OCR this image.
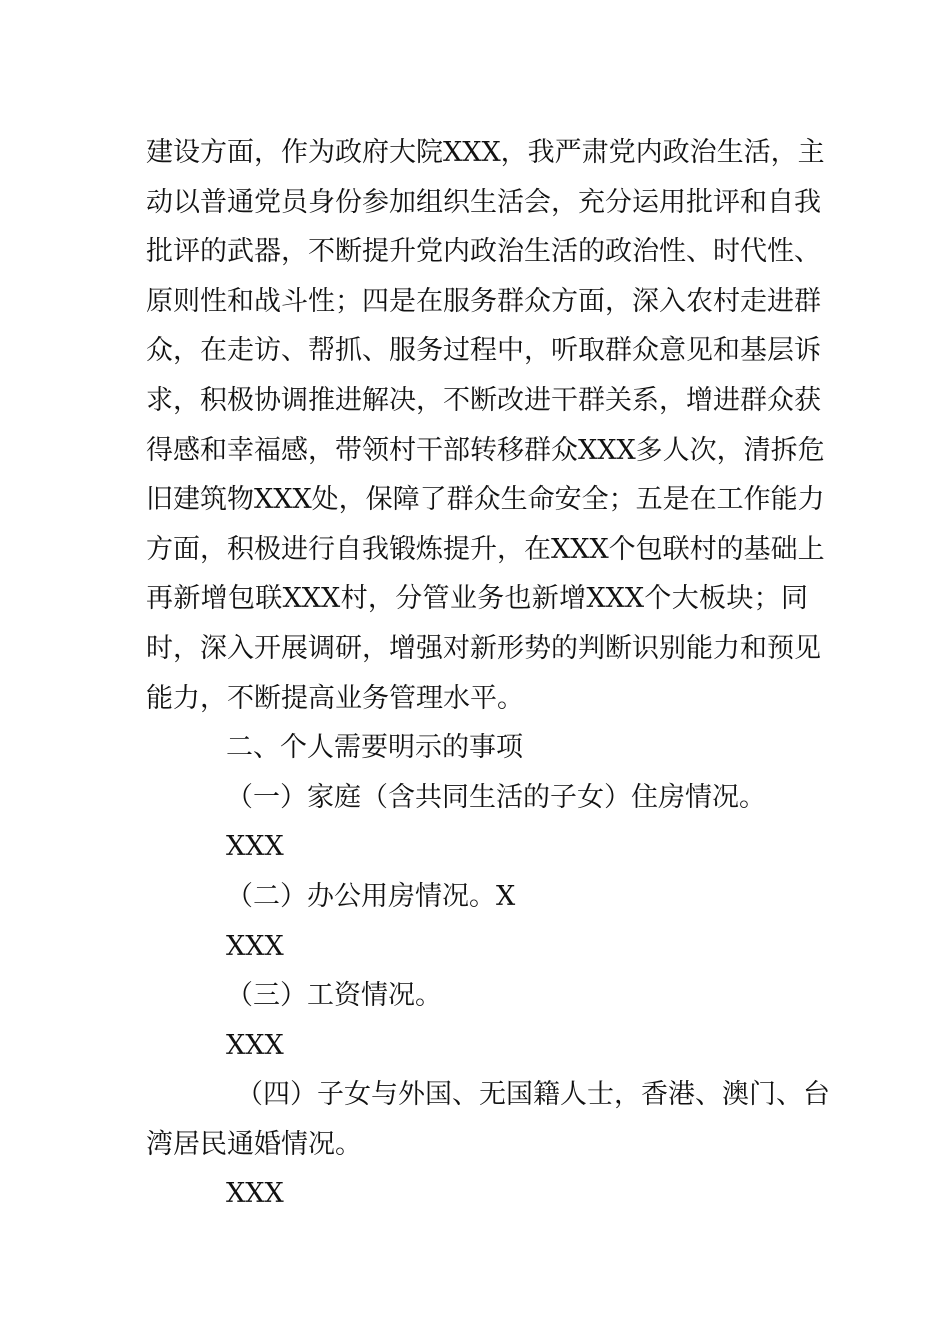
建设方面，作为政府大院XXX，我严肃党内政治生活，主
动以普通党员身份参加组织生活会，充分运用批评和自我
批评的武器，不断提升党内政治生活的政治性、时代性、
原则性和战斗性；四是在服务群众方面，深入农村走进群
众，在走访、帮抓、服务过程中，听取群众意见和基层诉
求，积极协调推进解决，不断改进干群关系，增进群众获
得感和幸福感，带领村干部转移群众XXX多人次，清拆危
旧建筑物XXX处，保障了群众生命安全；五是在工作能力
方面，积极进行自我锻炼提升，在XXX个包联村的基础上
再新增包联XXX村，分管业务也新增XXX个大板块；同
时，深入开展调研，增强对新形势的判断识别能力和预见
能力，不断提高业务管理水平。
二、个人需要明示的事项
（一）家庭（含共同生活的子女）住房情况。
XXX
（二）办公用房情况。X
XXX
（三）工资情况。
XXX
（四）子女与外国、无国籍人士，香港、澳门、台
湾居民通婚情况。
XXX
